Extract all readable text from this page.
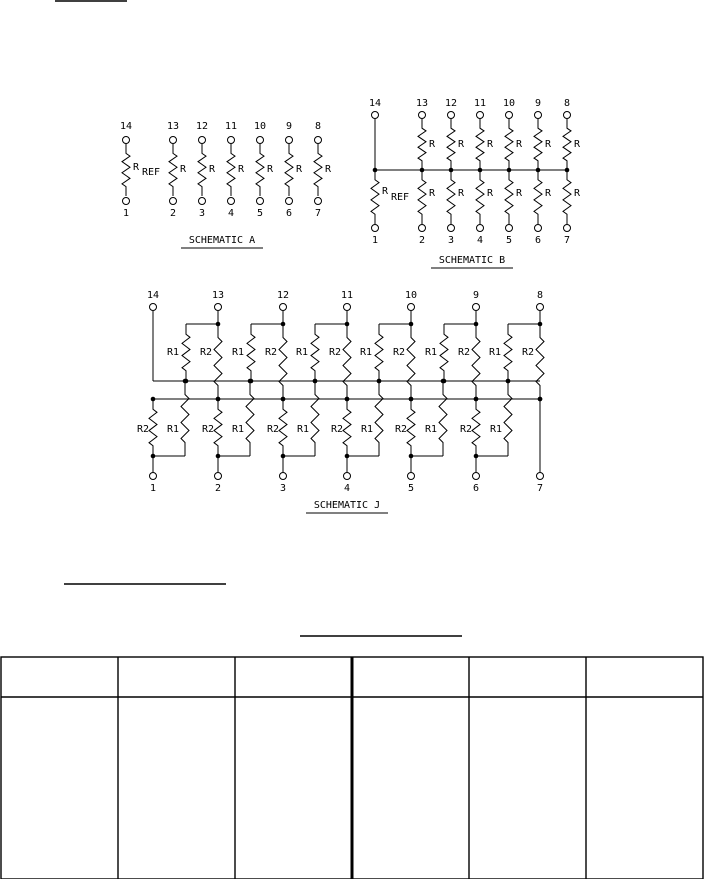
14
1
R REF
13
2
R
12
3
R
11
4
R
10
5
R
9
6
R
8
7
R
SCHEMATIC A
14
1
R
REF
13
2
R
R
12
3
R
R
11
4
R
R
10
5
R
R
9
6
R
R
8
7
R
R
SCHEMATIC B
14
1
13
2
12
3
11
4
10
5
9
6
8
7
R1 R2 R1 R2 R1 R2 R1 R2 R1 R2 R1 R2
R2 R1 R2 R1 R2 R1 R2 R1 R2 R1 R2 R1
SCHEMATIC J
